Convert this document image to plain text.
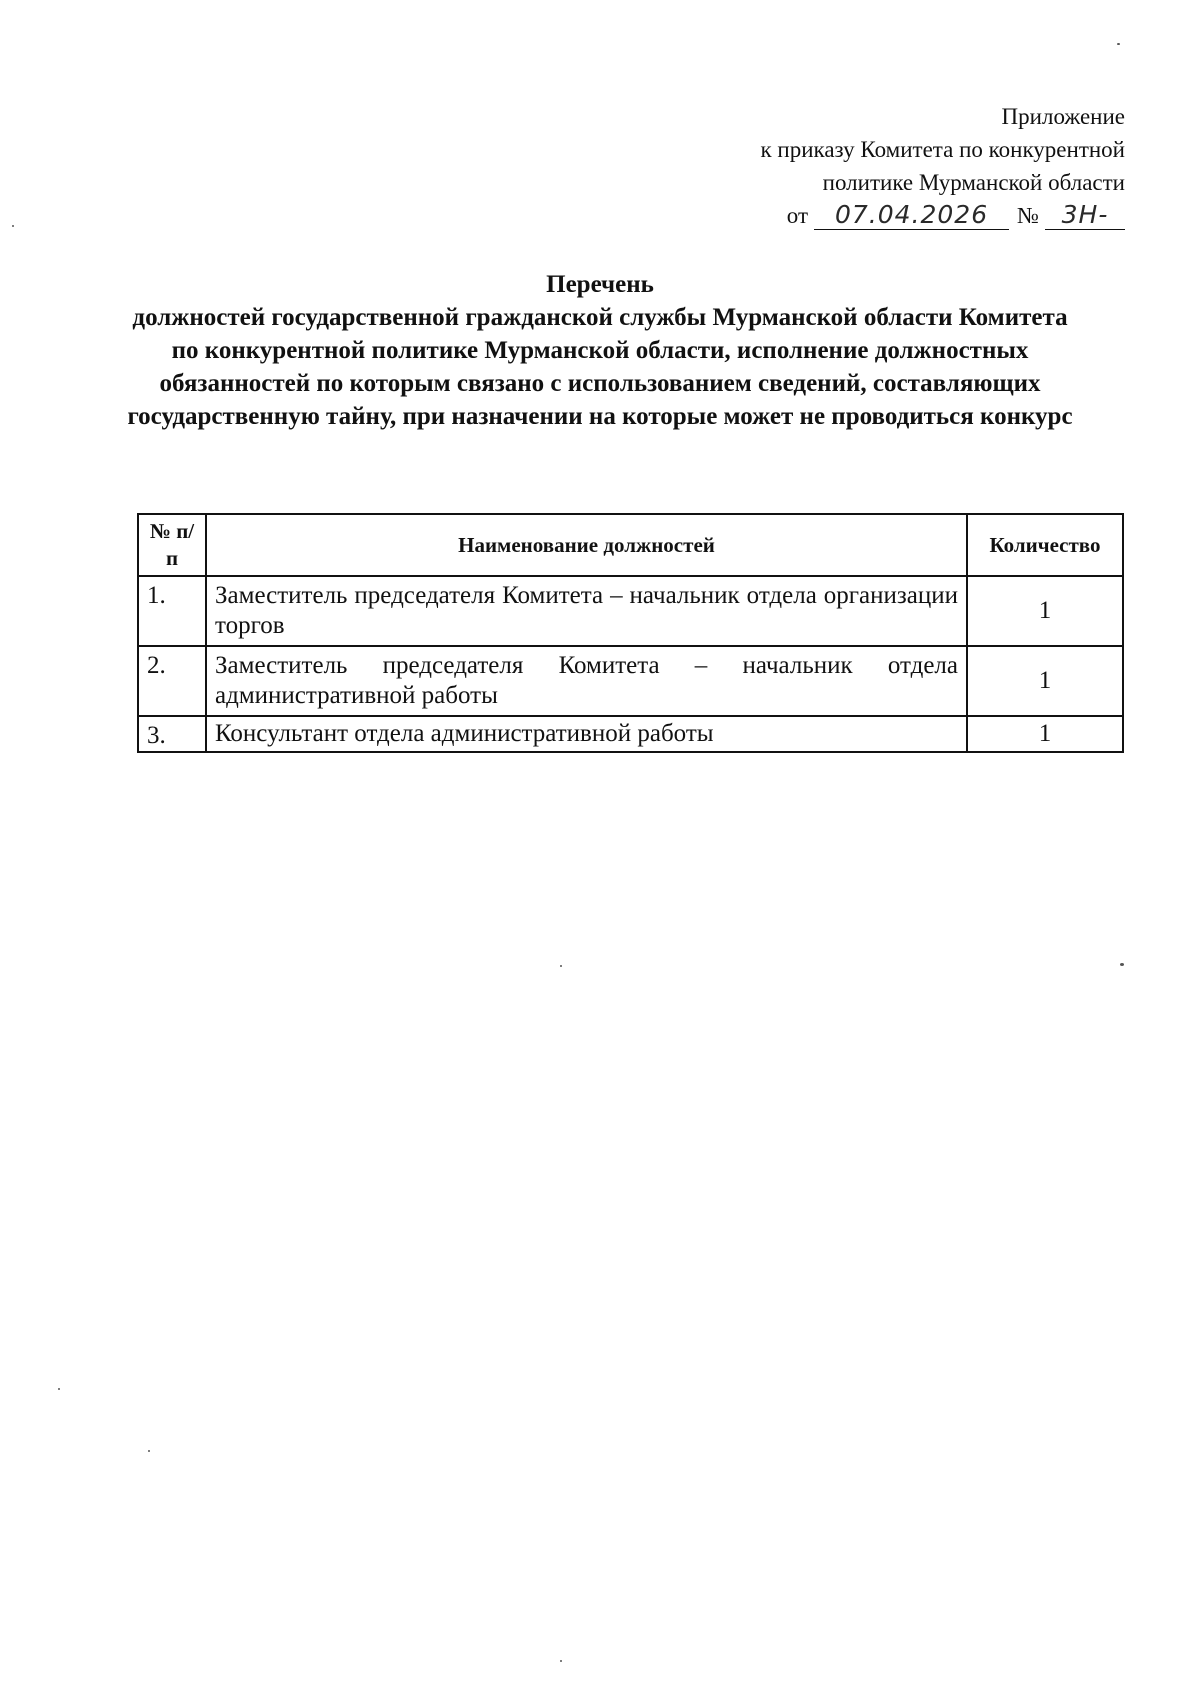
Приложение
к приказу Комитета по конкурентной
политике Мурманской области
от	07.04.2026	№ 3Н-
Перечень
должностей государственной гражданской службы Мурманской области Комитета по конкурентной политике Мурманской области, исполнение должностных обязанностей по которым связано с использованием сведений, составляющих государственную тайну, при назначении на которые может не проводиться конкурс
№ п/п	Наименование должностей	Количество
1.	Заместитель председателя Комитета – начальник отдела организации торгов	1
2.	Заместитель председателя Комитета – начальник отдела административной работы	1
3.	Консультант отдела административной работы	1
